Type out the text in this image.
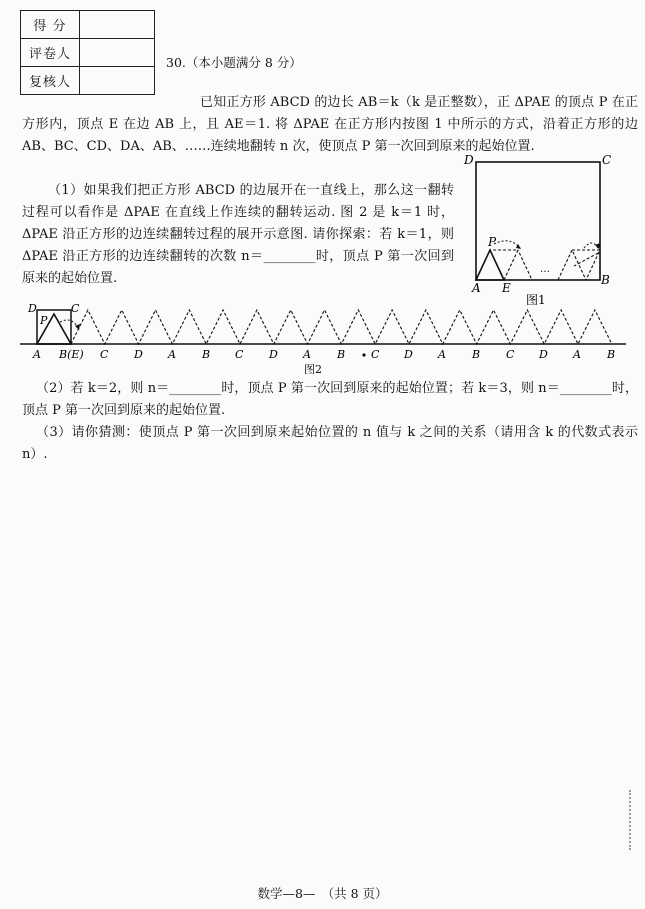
得 分	
评卷人	
复核人	
30.（本小题满分 8 分）
已知正方形 ABCD 的边长 AB＝k（k 是正整数），正 ΔPAE 的顶点 P 在正方形内，顶点 E 在边 AB 上，且 AE＝1. 将 ΔPAE 在正方形内按图 1 中所示的方式，沿着正方形的边 AB、BC、CD、DA、AB、……连续地翻转 n 次，使顶点 P 第一次回到原来的起始位置.
（1）如果我们把正方形 ABCD 的边展开在一直线上，那么这一翻转过程可以看作是 ΔPAE 在直线上作连续的翻转运动. 图 2 是 k＝1 时，ΔPAE 沿正方形的边连续翻转过程的展开示意图. 请你探索：若 k＝1，则 ΔPAE 沿正方形的边连续翻转的次数 n＝________时，顶点 P 第一次回到原来的起始位置.
D	C
A E
B
P
…
图1
D	C
P
A B(E) C D A B C D A B C D A B C D A B
图2
（2）若 k＝2，则 n＝________时，顶点 P 第一次回到原来的起始位置；若 k＝3，则 n＝________时，顶点 P 第一次回到原来的起始位置.
（3）请你猜测：使顶点 P 第一次回到原来起始位置的 n 值与 k 之间的关系（请用含 k 的代数式表示 n）.
数学—8—　（共 8 页）
